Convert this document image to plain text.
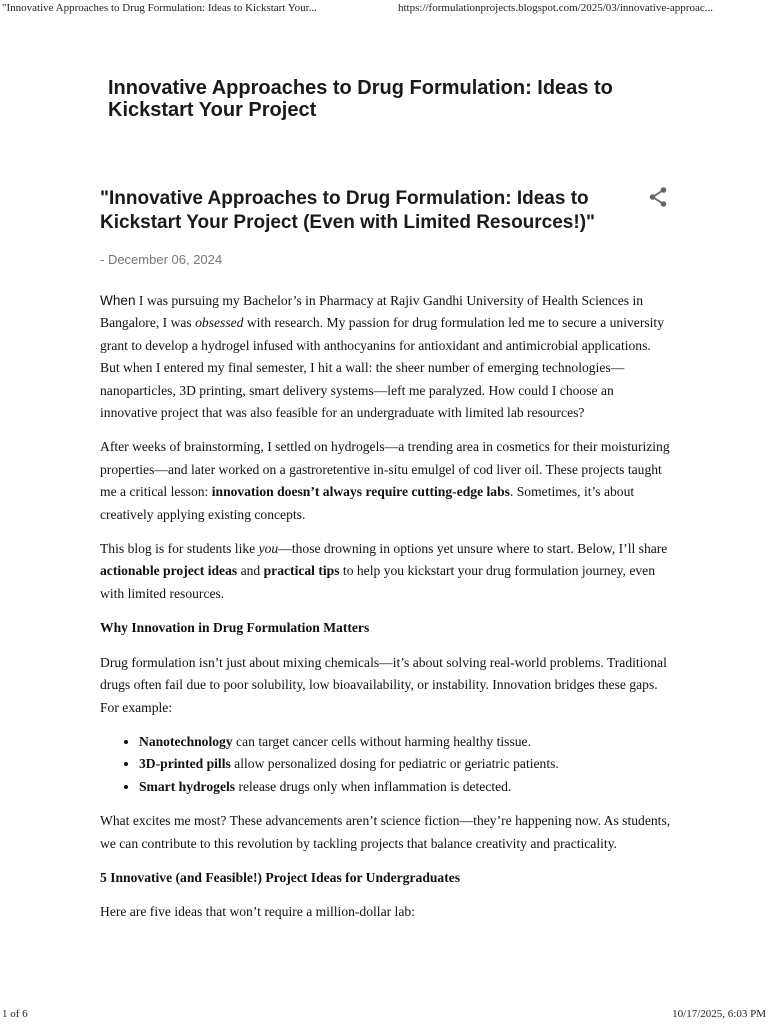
"Innovative Approaches to Drug Formulation: Ideas to Kickstart Your...	https://formulationprojects.blogspot.com/2025/03/innovative-approac...
Innovative Approaches to Drug Formulation: Ideas to Kickstart Your Project
"Innovative Approaches to Drug Formulation: Ideas to Kickstart Your Project (Even with Limited Resources!)"
- December 06, 2024

When I was pursuing my Bachelor’s in Pharmacy at Rajiv Gandhi University of Health Sciences in Bangalore, I was obsessed with research. My passion for drug formulation led me to secure a university grant to develop a hydrogel infused with anthocyanins for antioxidant and antimicrobial applications. But when I entered my final semester, I hit a wall: the sheer number of emerging technologies—nanoparticles, 3D printing, smart delivery systems—left me paralyzed. How could I choose an innovative project that was also feasible for an undergraduate with limited lab resources?

After weeks of brainstorming, I settled on hydrogels—a trending area in cosmetics for their moisturizing properties—and later worked on a gastroretentive in-situ emulgel of cod liver oil. These projects taught me a critical lesson: innovation doesn’t always require cutting-edge labs. Sometimes, it’s about creatively applying existing concepts.

This blog is for students like you—those drowning in options yet unsure where to start. Below, I’ll share actionable project ideas and practical tips to help you kickstart your drug formulation journey, even with limited resources.

Why Innovation in Drug Formulation Matters

Drug formulation isn’t just about mixing chemicals—it’s about solving real-world problems. Traditional drugs often fail due to poor solubility, low bioavailability, or instability. Innovation bridges these gaps. For example:

• Nanotechnology can target cancer cells without harming healthy tissue.
• 3D-printed pills allow personalized dosing for pediatric or geriatric patients.
• Smart hydrogels release drugs only when inflammation is detected.

What excites me most? These advancements aren’t science fiction—they’re happening now. As students, we can contribute to this revolution by tackling projects that balance creativity and practicality.

5 Innovative (and Feasible!) Project Ideas for Undergraduates

Here are five ideas that won’t require a million-dollar lab:

1 of 6	10/17/2025, 6:03 PM
